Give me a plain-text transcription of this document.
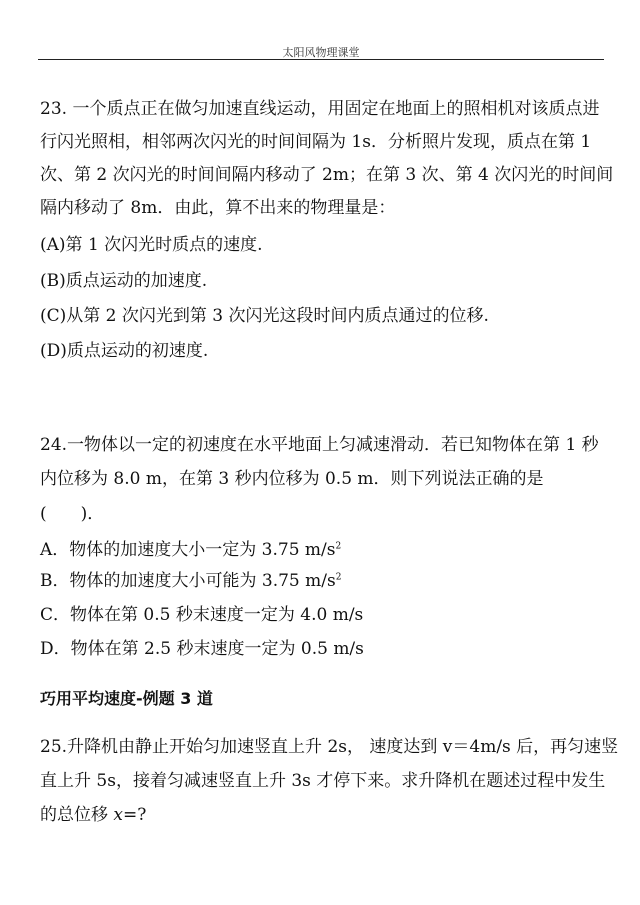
太阳风物理课堂
23. 一个质点正在做匀加速直线运动，用固定在地面上的照相机对该质点进
行闪光照相，相邻两次闪光的时间间隔为 1s．分析照片发现，质点在第 1
次、第 2 次闪光的时间间隔内移动了 2m；在第 3 次、第 4 次闪光的时间间
隔内移动了 8m．由此，算不出来的物理量是：
(A)第 1 次闪光时质点的速度.
(B)质点运动的加速度.
(C)从第 2 次闪光到第 3 次闪光这段时间内质点通过的位移.
(D)质点运动的初速度.
24.一物体以一定的初速度在水平地面上匀减速滑动．若已知物体在第 1 秒
内位移为 8.0 m，在第 3 秒内位移为 0.5 m．则下列说法正确的是
(　　)．
A．物体的加速度大小一定为 3.75 $m/s^2$
B．物体的加速度大小可能为 3.75 $m/s^2$
C．物体在第 0.5 秒末速度一定为 4.0 m/s
D．物体在第 2.5 秒末速度一定为 0.5 m/s
巧用平均速度-例题 3 道
25.升降机由静止开始匀加速竖直上升 2s， 速度达到 v＝4m/s 后，再匀速竖
直上升 5s，接着匀减速竖直上升 3s 才停下来。求升降机在题述过程中发生
的总位移 x=?
